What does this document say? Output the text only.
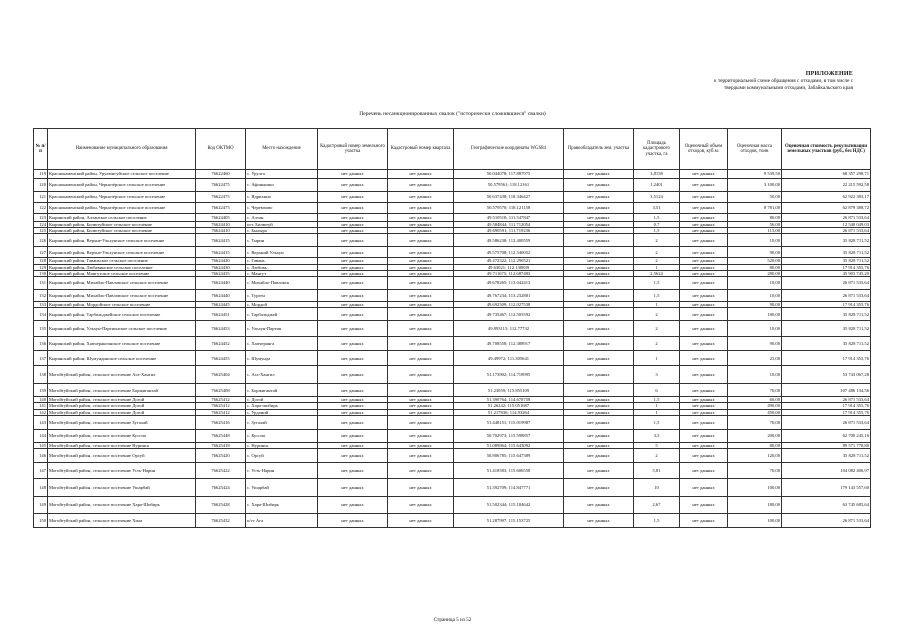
ПРИЛОЖЕНИЕ
к территориальной схеме обращения с отходами, в том числе с
твердыми коммунальными отходами, Забайкальского края
Перечень несанкционированных свалок ("исторически сложившиеся" свалки)
№ п/п	Наименование муниципального образования	Код ОКТМО	Место нахождение	Кадастровый номер земельного участка	Кадастровый номер квартала	Географические координаты WGS84	Правообладатель зем. участка	Площадь кадастрового участка, га	Оценочный объем отходов, куб.м.	Оценочная масса отходов, тонн	Оценочная стоимость рекультивации земельных участков (руб., без НДС)
119	Краснокаменский район, Урулюнгуйское сельское поселение	76622460	с. Урулга	нет данных	нет данных	50.044078; 117.887975	нет данных	3,8158	нет данных	9 539,50	68 357 298,71
120	Краснокаменский район, Чернозёрское сельское поселение	76622475	с. Афонькино	нет данных	нет данных	50.579561; 118.12161	нет данных	1,2401	нет данных	3 100,00	22 215 592,58
121	Краснокаменский район, Чернозёрское сельское поселение	76622475	с. Ядрихино	нет данных	нет данных	50.637438; 118.346427	нет данных	3,5124	нет данных	50,00	62 922 383,17
122	Краснокаменский район, Чернозёрское сельское поселение	76622475	с. Черемхово	нет данных	нет данных	50.579570; 118.121158	нет данных	3,51	нет данных	8 781,00	62 879 388,72
123	Кыринский район, Алтанское сельское поселение	76624405	с. Алтан	нет данных	нет данных	49.510518; 111.547847	нет данных	1,5	нет данных	80,00	26 871 533,64
124	Кыринский район, Билютуйское сельское поселение	76624410	пгт. Билютуй	нет данных	нет данных	49.584844; 111.712054	нет данных	0,7	нет данных	56,00	12 540 049,03
125	Кыринский район, Билютуйское сельское поселение	76624410	с. Былыра	нет данных	нет данных	49.690591; 111.719236	нет данных	1,5	нет данных	115,00	26 871 533,64
126	Кыринский район, Верхне-Ульхунское сельское поселение	76624415	с. Тырин	нет данных	нет данных	49.586238; 112.400559	нет данных	2	нет данных	10,00	35 828 711,52
127	Кыринский район, Верхне-Ульхунское сельское поселение	76624415	с. Верхний Ульхун	нет данных	нет данных	49.575708; 112.540052	нет данных	2	нет данных	90,00	35 828 711,52
128	Кыринский район, Гаваньское сельское поселение	76624420	с. Гавань	нет данных	нет данных	49.472322; 112.290521	нет данных	2	нет данных	520,00	35 828 711,52
129	Кыринский район, Любавинское сельское поселение	76624430	с. Любовь	нет данных	нет данных	49.63021; 112.130839	нет данных	1	нет данных	80,00	17 914 355,76
130	Кыринский район, Мангутское сельское поселение	76624435	с. Мангут	нет данных	нет данных	49.711675; 112.687483	нет данных	2,5624	нет данных	280,00	45 903 745,20
131	Кыринский район, Михайло-Павловское сельское поселение	76624440	с. Михайло-Павловск	нет данных	нет данных	49.678265; 113.042413	нет данных	1,5	нет данных	10,00	26 871 533,64
132	Кыринский район, Михайло-Павловское сельское поселение	76624440	с. Турген	нет данных	нет данных	49.767234; 113.232881	нет данных	1,5	нет данных	10,00	26 871 533,64
133	Кыринский район, Мордойское сельское поселение	76624445	с. Мордой	нет данных	нет данных	49.692509; 112.027538	нет данных	1	нет данных	90,00	17 914 355,76
134	Кыринский район, Тарбальджейское сельское поселение	76624451	с. Тарбальджей	нет данных	нет данных	49.735467; 112.505592	нет данных	2	нет данных	180,00	35 828 711,52
135	Кыринский район, Ульхун-Партионское сельское поселение	76624453	с. Ульхун-Партия	нет данных	нет данных	49.893115; 112.77732	нет данных	2	нет данных	10,00	35 828 711,52
136	Кыринский район, Хапчерангинское сельское поселение	76624452	с. Хапчеранга	нет данных	нет данных	49.708558; 112.388917	нет данных	2	нет данных	90,00	35 828 711,52
137	Кыринский район, Шумундинское сельское поселение	76624455	с. Шумунда	нет данных	нет данных	49.49972; 111.305641	нет данных	1	нет данных	25,00	17 914 355,76
138	Могойтуйский район, сельское поселение Ага-Хангил	76625404	с. Ага-Хангил	нет данных	нет данных	51.173902; 114.718995	нет данных	3	нет данных	10,00	53 743 067,28
139	Могойтуйский район, сельское поселение Боржигантай	76625408	с. Боржигантай	нет данных	нет данных	51.23059; 115.855109	нет данных	6	нет данных	70,00	107 486 134,56
140	Могойтуйский район, сельское поселение Догой	76625412	с. Догой	нет данных	нет данных	51.390764; 114.678758	нет данных	1,5	нет данных	60,00	26 871 533,64
141	Могойтуйский район, сельское поселение Догой	76625412	с. Хара-шибирь	нет данных	нет данных	51.26242; 115.051687	нет данных	1	нет данных	490,00	17 914 355,76
142	Могойтуйский район, сельское поселение Догой	76625412	с. Урдовий	нет данных	нет данных	51.217836; 114.93264	нет данных	1	нет данных	450,00	17 914 355,76
143	Могойтуйский район, сельское поселение Зугалай	76625416	с. Зугалай	нет данных	нет данных	51.448151; 115.019987	нет данных	1,5	нет данных	70,00	26 871 533,64
144	Могойтуйский район, сельское поселение Кусоча	76625448	с. Кусоча	нет данных	нет данных	50.702973; 115.598857	нет данных	3,5	нет данных	200,00	62 700 245,16
145	Могойтуйский район, сельское поселение Нуринск	76625418	с. Нуринск	нет данных	нет данных	51.089864; 115.643092	нет данных	5	нет данных	80,00	89 571 778,80
146	Могойтуйский район, сельское поселение Орсуй	76625420	с. Орсуй	нет данных	нет данных	50.806785; 115.647389	нет данных	2	нет данных	120,00	35 828 711,52
147	Могойтуйский район, сельское поселение Усть-Нарин	76625422	с. Усть-Нарин	нет данных	нет данных	51.418583; 115.606558	нет данных	5,81	нет данных	70,00	104 082 406,97
148	Могойтуйский район, сельское поселение Ушарбай	76625424	с. Ушарбай	нет данных	нет данных	51.392709; 114.847771	нет данных	10	нет данных	100,00	179 143 557,60
149	Могойтуйский район, сельское поселение Хара-Шибирь	76625428	с. Хара-Шибирь	нет данных	нет данных	51.502344; 115.184642	нет данных	2,67	нет данных	180,00	63 745 685,64
150	Могойтуйский район, сельское поселение Хила	76625432	п/ст Ага	нет данных	нет данных	51.287997; 115.153725	нет данных	1,5	нет данных	100,00	26 871 533,64
Страница 5 из 52
